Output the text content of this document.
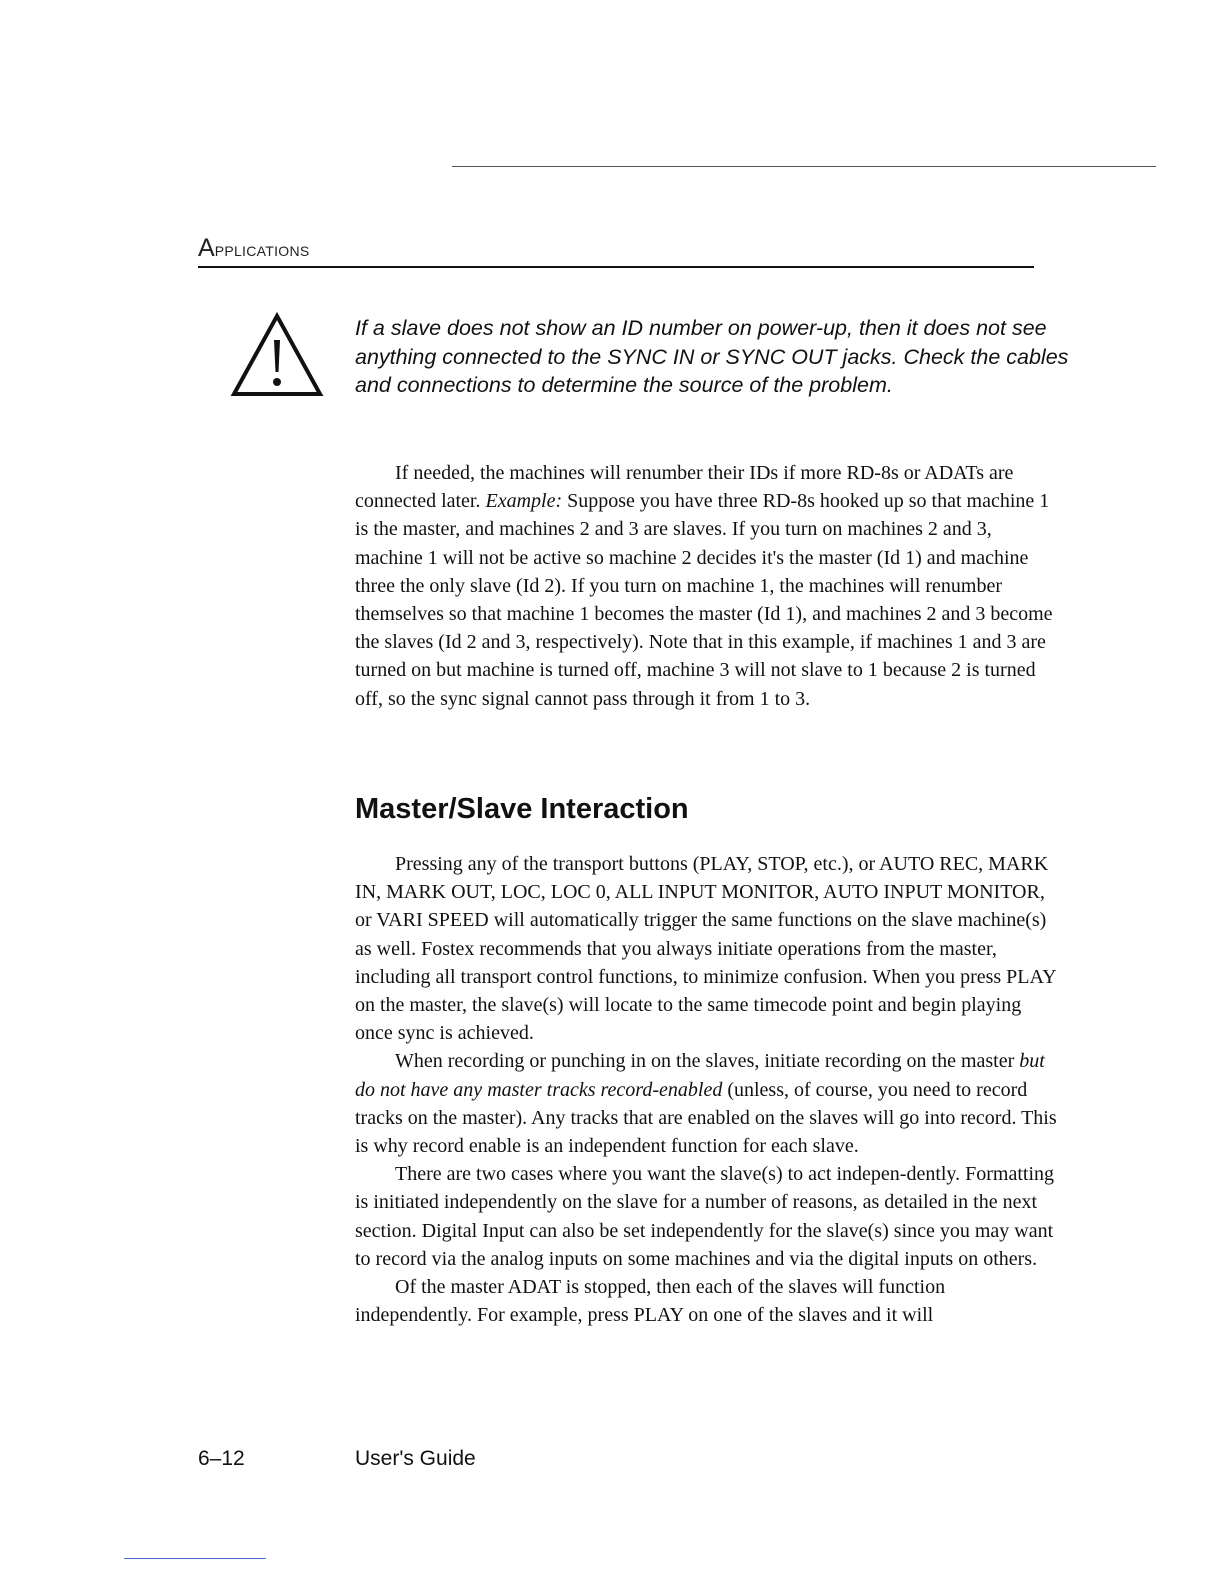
APPLICATIONS

If a slave does not show an ID number on power-up, then it does not see anything connected to the SYNC IN or SYNC OUT jacks. Check the cables and connections to determine the source of the problem.

If needed, the machines will renumber their IDs if more RD-8s or ADATs are connected later. Example: Suppose you have three RD-8s hooked up so that machine 1 is the master, and machines 2 and 3 are slaves. If you turn on machines 2 and 3, machine 1 will not be active so machine 2 decides it's the master (Id 1) and machine three the only slave (Id 2). If you turn on machine 1, the machines will renumber themselves so that machine 1 becomes the master (Id 1), and machines 2 and 3 become the slaves (Id 2 and 3, respectively). Note that in this example, if machines 1 and 3 are turned on but machine is turned off, machine 3 will not slave to 1 because 2 is turned off, so the sync signal cannot pass through it from 1 to 3.

Master/Slave Interaction

Pressing any of the transport buttons (PLAY, STOP, etc.), or AUTO REC, MARK IN, MARK OUT, LOC, LOC 0, ALL INPUT MONITOR, AUTO INPUT MONITOR, or VARI SPEED will automatically trigger the same functions on the slave machine(s) as well. Fostex recommends that you always initiate operations from the master, including all transport control functions, to minimize confusion. When you press PLAY on the master, the slave(s) will locate to the same timecode point and begin playing once sync is achieved.

When recording or punching in on the slaves, initiate recording on the master but do not have any master tracks record-enabled (unless, of course, you need to record tracks on the master). Any tracks that are enabled on the slaves will go into record. This is why record enable is an independent function for each slave.

There are two cases where you want the slave(s) to act indepen-dently. Formatting is initiated independently on the slave for a number of reasons, as detailed in the next section. Digital Input can also be set independently for the slave(s) since you may want to record via the analog inputs on some machines and via the digital inputs on others.

Of the master ADAT is stopped, then each of the slaves will function independently. For example, press PLAY on one of the slaves and it will

6–12	User's Guide
